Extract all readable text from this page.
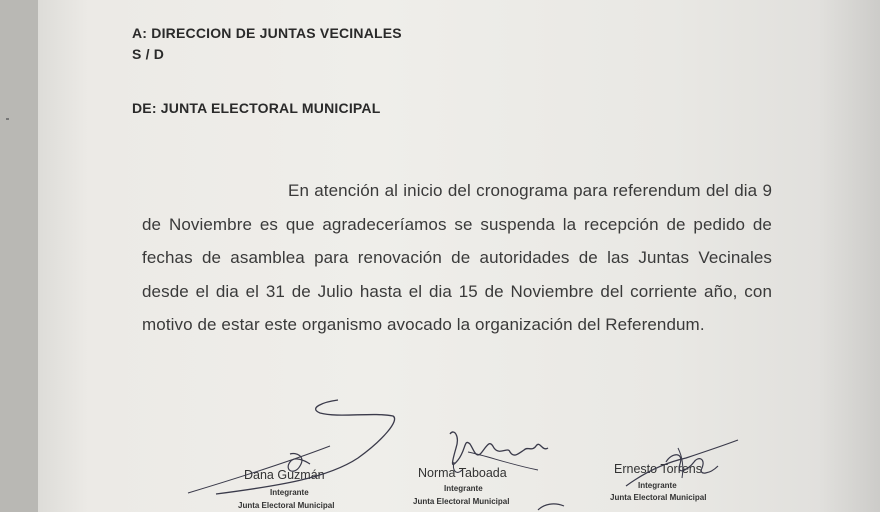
A: DIRECCION DE JUNTAS VECINALES
S / D
DE: JUNTA ELECTORAL MUNICIPAL
En atención al inicio del cronograma para referendum del dia 9 de Noviembre es que agradeceríamos se suspenda la recepción de pedido de fechas de asamblea para renovación de autoridades de las Juntas Vecinales desde el dia el 31 de Julio hasta el dia 15 de Noviembre del corriente año, con motivo de estar este organismo avocado la organización del Referendum.
Dana Guzmán
Integrante
Junta Electoral Municipal
Norma Taboada
Integrante
Junta Electoral Municipal
Ernesto Torrens
Integrante
Junta Electoral Municipal
